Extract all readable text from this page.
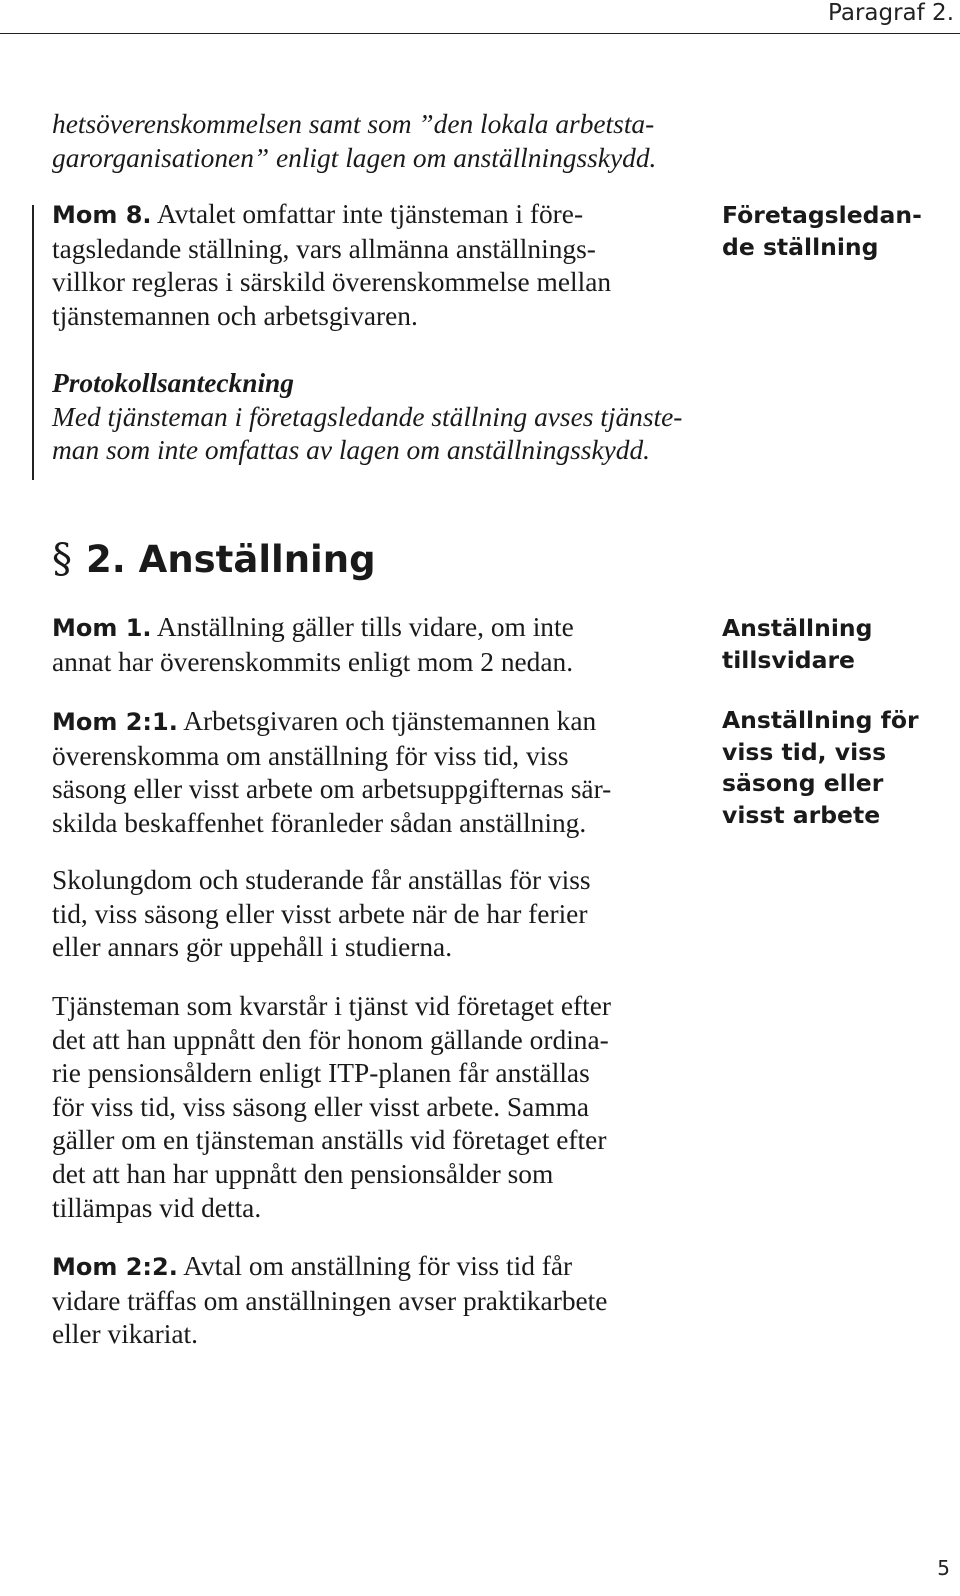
Paragraf 2.
hetsöverenskommelsen samt som ”den lokala arbetsta-
garorganisationen” enligt lagen om anställningsskydd.
Mom 8. Avtalet omfattar inte tjänsteman i före-
tagsledande ställning, vars allmänna anställnings-
villkor regleras i särskild överenskommelse mellan
tjänstemannen och arbetsgivaren.
Företagsledan-
de ställning
Protokollsanteckning
Med tjänsteman i företagsledande ställning avses tjänste-
man som inte omfattas av lagen om anställningsskydd.
§ 2. Anställning
Mom 1. Anställning gäller tills vidare, om inte
annat har överenskommits enligt mom 2 nedan.
Anställning
tillsvidare
Mom 2:1. Arbetsgivaren och tjänstemannen kan
överenskomma om anställning för viss tid, viss
säsong eller visst arbete om arbetsuppgifternas sär-
skilda beskaffenhet föranleder sådan anställning.
Anställning för
viss tid, viss
säsong eller
visst arbete
Skolungdom och studerande får anställas för viss
tid, viss säsong eller visst arbete när de har ferier
eller annars gör uppehåll i studierna.
Tjänsteman som kvarstår i tjänst vid företaget efter
det att han uppnått den för honom gällande ordina-
rie pensionsåldern enligt ITP-planen får anställas
för viss tid, viss säsong eller visst arbete. Samma
gäller om en tjänsteman anställs vid företaget efter
det att han har uppnått den pensionsålder som
tillämpas vid detta.
Mom 2:2. Avtal om anställning för viss tid får
vidare träffas om anställningen avser praktikarbete
eller vikariat.
5
